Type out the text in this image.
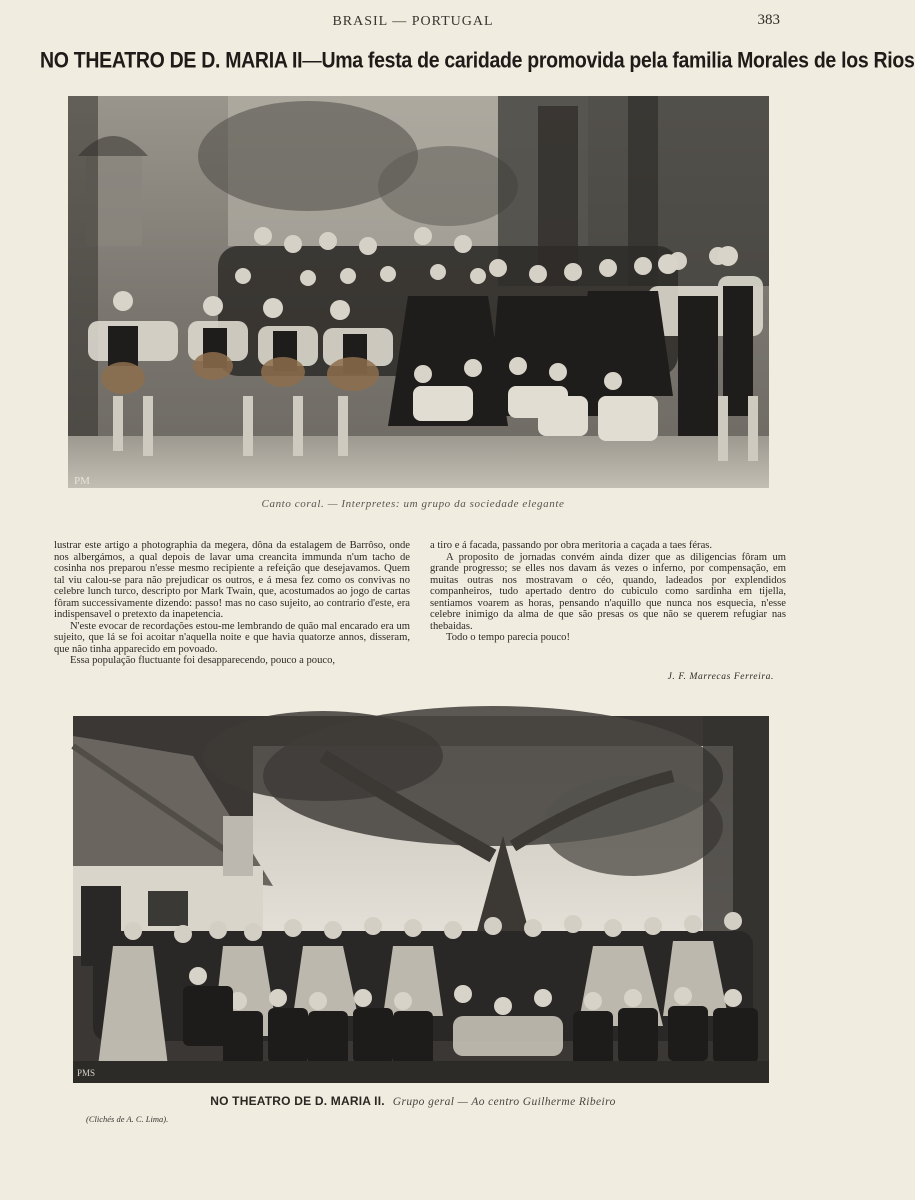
BRASIL — PORTUGAL	383
NO THEATRO DE D. MARIA II—Uma festa de caridade promovida pela familia Morales de los Rios
PM
Canto coral. — Interpretes: um grupo da sociedade elegante

lustrar este artigo a photographia da megera, dôna da estalagem de Barrôso, onde nos albergámos, a qual depois de lavar uma creancita immunda n'um tacho de cosinha nos preparou n'esse mesmo recipiente a refeição que desejavamos. Quem tal viu calou-se para não prejudicar os outros, e á mesa fez como os convivas no celebre lunch turco, descripto por Mark Twain, que, acostumados ao jogo de cartas fôram successivamente dizendo: passo! mas no caso sujeito, ao contrario d'este, era indispensavel o pretexto da inapetencia.

N'este evocar de recordações estou-me lembrando de quão mal encarado era um sujeito, que lá se foi acoitar n'aquella noite e que havia quatorze annos, disseram, que não tinha apparecido em povoado.

Essa população fluctuante foi desapparecendo, pouco a pouco,

a tiro e á facada, passando por obra meritoria a caçada a taes féras.

A proposito de jornadas convém ainda dizer que as diligencias fôram um grande progresso; se elles nos davam ás vezes o inferno, por compensação, em muitas outras nos mostravam o céo, quando, ladeados por explendidos companheiros, tudo apertado dentro do cubiculo como sardinha em tijella, sentiamos voarem as horas, pensando n'aquillo que nunca nos esquecia, n'esse celebre inimigo da alma de que são presas os que não se querem refugiar nas thebaidas.

Todo o tempo parecia pouco!

J. F. Marrecas Ferreira.
PMS
NO THEATRO DE D. MARIA II. Grupo geral — Ao centro Guilherme Ribeiro
(Clichés de A. C. Lima).
